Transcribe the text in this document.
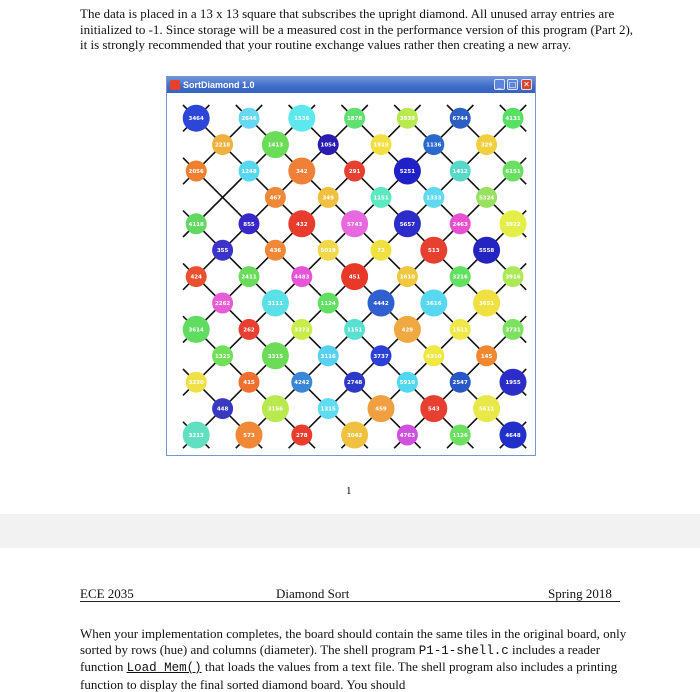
The data is placed in a 13 x 13 square that subscribes the upright diamond. All unused array entries are initialized to -1. Since storage will be a measured cost in the performance version of this program (Part 2), it is strongly recommended that your routine exchange values rather then creating a new array.

SortDiamond 1.0	_ □ ✕
3464	2646	1536	1878	3939	6744	4131
2218	1413	1054	1919	1136	329
2056	1248	342	291	5251	1412	6151
467	349	1151	1333	5324
4118	855	432	5743	5657	2463	3922
355	436	5019	72	513	5558
424	2411	4483	451	1610	3216	3916
2262	3111	1124	4442	3616	3651
3614	262	3373	1151	429	1511	3731
1323	3315	3116	3737	4310	145
3230	415	4242	2748	5910	2547	1955
448	3156	1315	459	543	5611
3213	573	278	3042	4763	1126	4648
1
ECE 2035	Diamond Sort	Spring 2018

When your implementation completes, the board should contain the same tiles in the original board, only sorted by rows (hue) and columns (diameter). The shell program P1-1-shell.c includes a reader function Load_Mem() that loads the values from a text file. The shell program also includes a printing function to display the final sorted diamond board. You should
